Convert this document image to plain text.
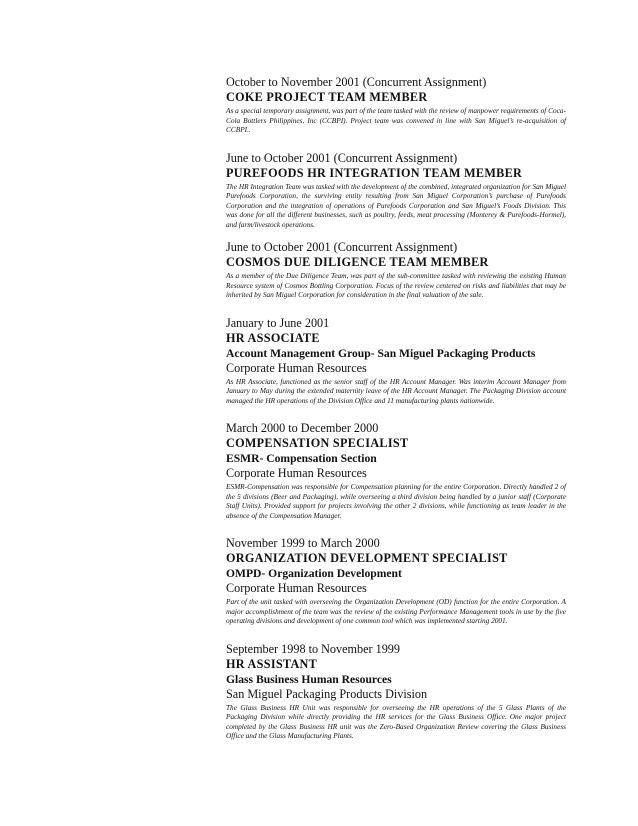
October to November 2001 (Concurrent Assignment)
COKE PROJECT TEAM MEMBER
As a special temporary assignment, was part of the team tasked with the review of manpower requirements of Coca-Cola Bottlers Philippines, Inc (CCBPI). Project team was convened in line with San Miguel’s re-acquisition of CCBPI..
June to October 2001 (Concurrent Assignment)
PUREFOODS HR INTEGRATION TEAM MEMBER
The HR Integration Team was tasked with the development of the combined, integrated organization for San Miguel Purefoods Corporation, the surviving entity resulting from San Miguel Corporation’s purchase of Purefoods Corporation and the integration of operations of Purefoods Corporation and San Miguel’s Foods Division. This was done for all the different businesses, such as poultry, feeds, meat processing (Monterey & Purefoods-Hormel), and farm/livestock operations.
June to October 2001 (Concurrent Assignment)
COSMOS DUE DILIGENCE TEAM MEMBER
As a member of the Due Diligence Team, was part of the sub-committee tasked with reviewing the existing Human Resource system of Cosmos Bottling Corporation. Focus of the review centered on risks and liabilities that may be inherited by San Miguel Corporation for consideration in the final valuation of the sale.
January to June 2001
HR ASSOCIATE
Account Management Group- San Miguel Packaging Products
Corporate Human Resources
As HR Associate, functioned as the senior staff of the HR Account Manager. Was interim Account Manager from January to May during the extended maternity leave of the HR Account Manager. The Packaging Division account managed the HR operations of the Division Office and 11 manufacturing plants nationwide.
March 2000 to December 2000
COMPENSATION SPECIALIST
ESMR- Compensation Section
Corporate Human Resources
ESMR-Compensation was responsible for Compensation planning for the entire Corporation. Directly handled 2 of the 5 divisions (Beer and Packaging), while overseeing a third division being handled by a junior staff (Corporate Staff Units). Provided support for projects involving the other 2 divisions, while functioning as team leader in the absence of the Compensation Manager.
November 1999 to March 2000
ORGANIZATION DEVELOPMENT SPECIALIST
OMPD- Organization Development
Corporate Human Resources
Part of the unit tasked with overseeing the Organization Development (OD) function for the entire Corporation. A major accomplishment of the team was the review of the existing Performance Management tools in use by the five operating divisions and development of one common tool which was implemented starting 2001.
September 1998 to November 1999
HR ASSISTANT
Glass Business Human Resources
San Miguel Packaging Products Division
The Glass Business HR Unit was responsible for overseeing the HR operations of the 5 Glass Plants of the Packaging Division while directly providing the HR services for the Glass Business Office. One major project completed by the Glass Business HR unit was the Zero-Based Organization Review covering the Glass Business Office and the Glass Manufacturing Plants.
